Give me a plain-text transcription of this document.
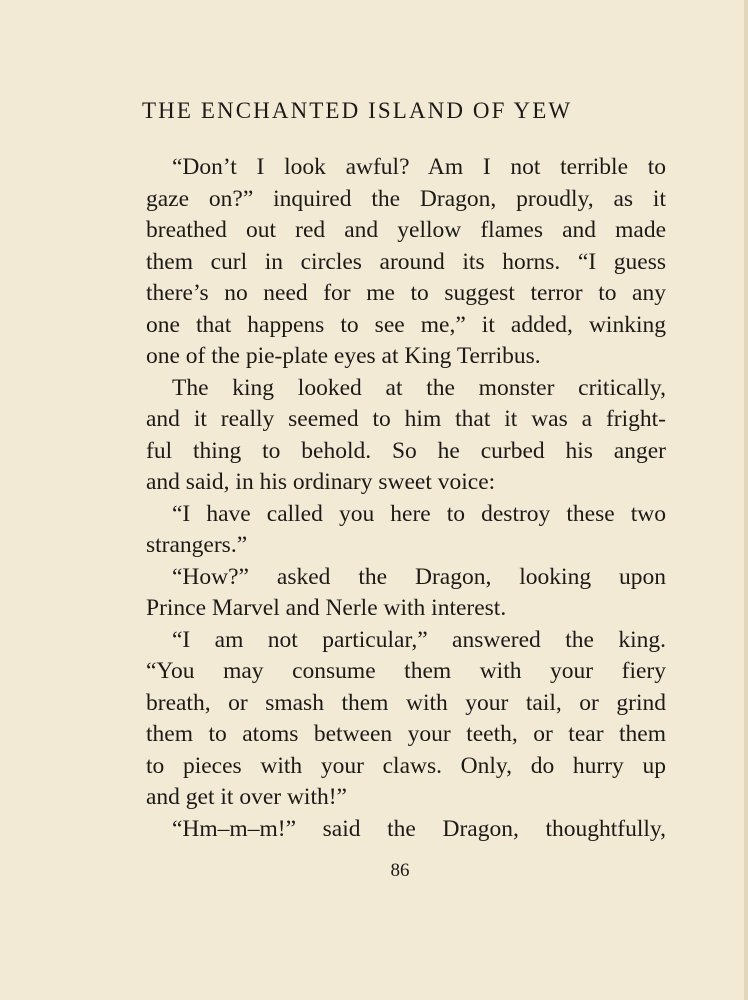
THE ENCHANTED ISLAND OF YEW
“Don’t I look awful? Am I not terrible to
gaze on?” inquired the Dragon, proudly, as it
breathed out red and yellow flames and made
them curl in circles around its horns. “I guess
there’s no need for me to suggest terror to any
one that happens to see me,” it added, winking
one of the pie-plate eyes at King Terribus.
The king looked at the monster critically,
and it really seemed to him that it was a fright-
ful thing to behold. So he curbed his anger
and said, in his ordinary sweet voice:
“I have called you here to destroy these two
strangers.”
“How?” asked the Dragon, looking upon
Prince Marvel and Nerle with interest.
“I am not particular,” answered the king.
“You may consume them with your fiery
breath, or smash them with your tail, or grind
them to atoms between your teeth, or tear them
to pieces with your claws. Only, do hurry up
and get it over with!”
“Hm–m–m!” said the Dragon, thoughtfully,
86
